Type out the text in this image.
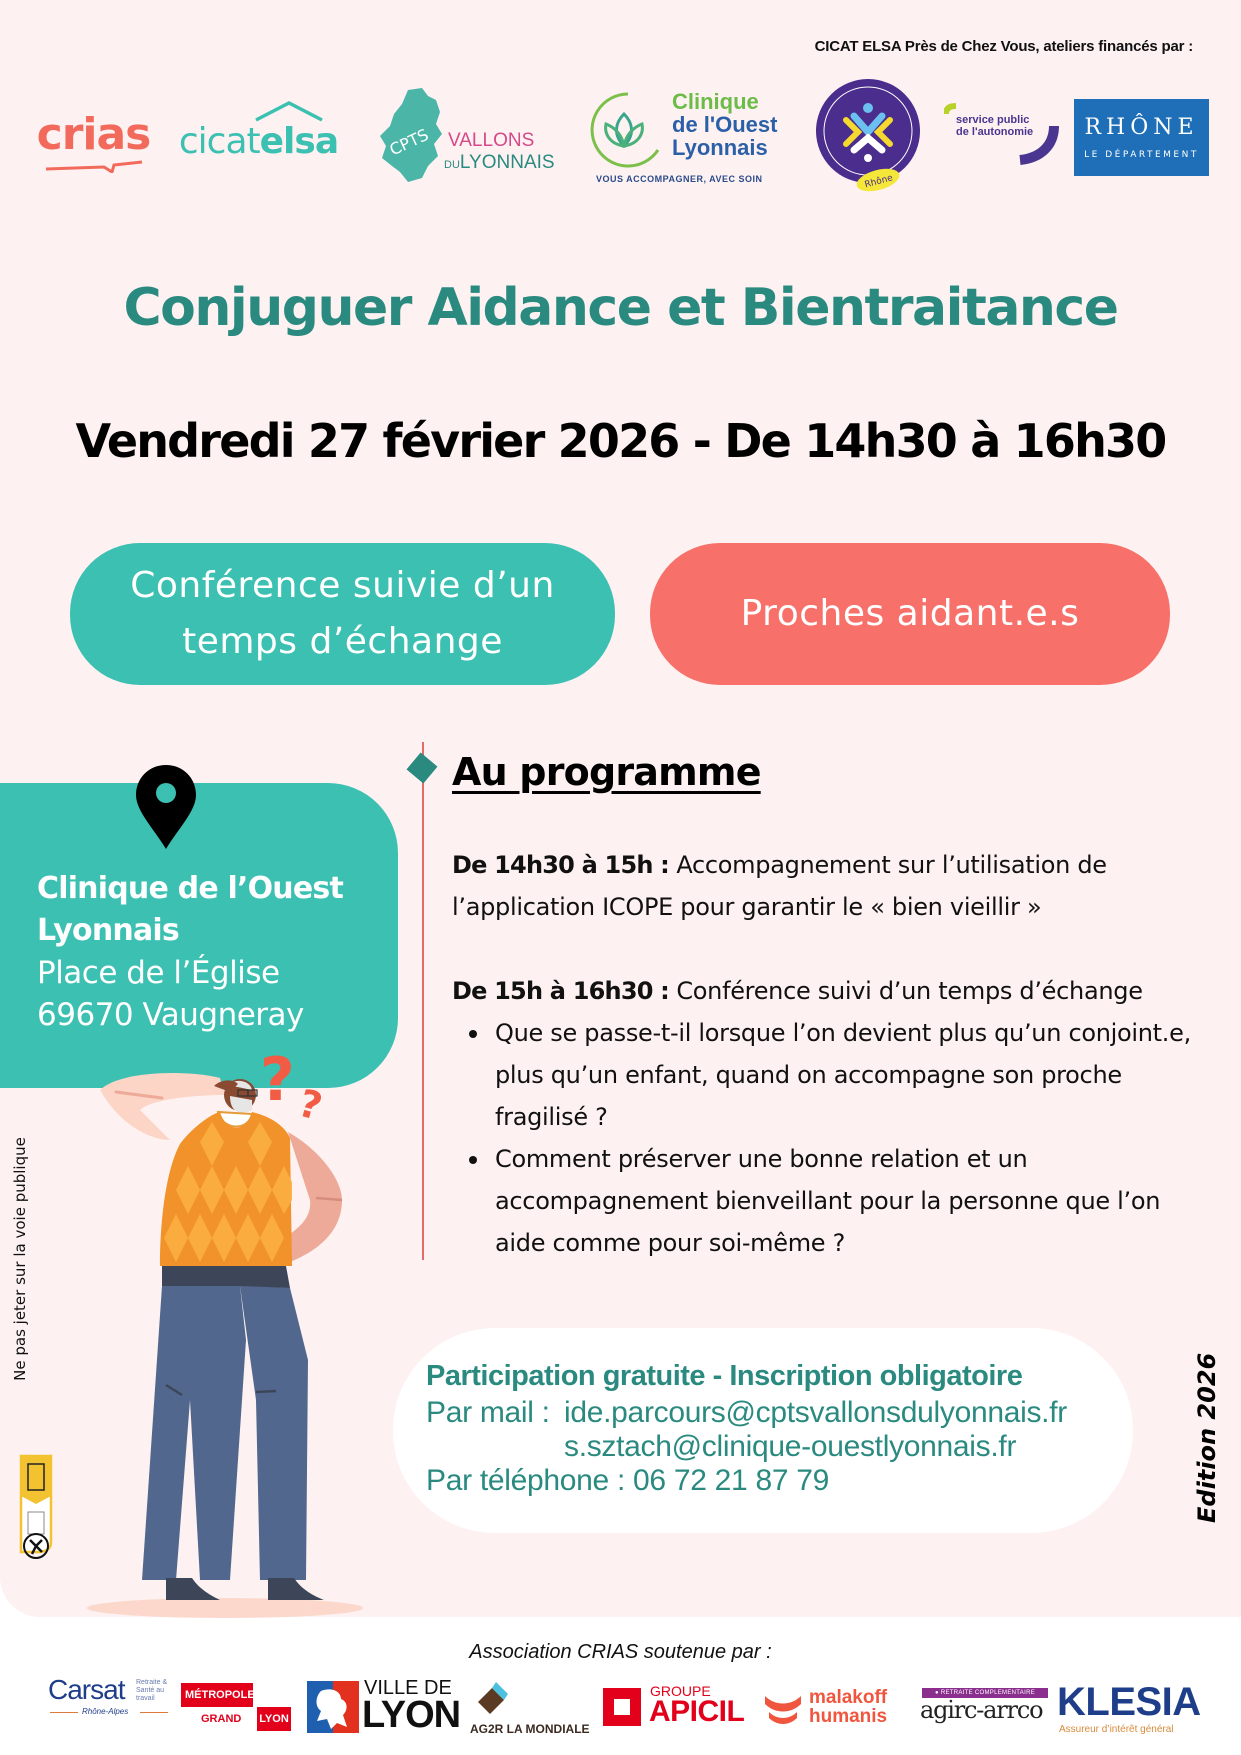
CICAT ELSA Près de Chez Vous, ateliers financés par :
crias cicatelsa	CPTS VALLONS
DULYONNAIS
Clinique
de l'Ouest
Lyonnais
VOUS ACCOMPAGNER, AVEC SOIN	Rhône
service public
de l'autonomie RHÔNE
LE DÉPARTEMENT
Conjuguer Aidance et Bientraitance
Vendredi 27 février 2026 - De 14h30 à 16h30
Conférence suivie d’un
temps d’échange
Proches aidant.e.s
Clinique de l’Ouest
Lyonnais
Place de l’Église
69670 Vaugneray
? ?
Au programme
De 14h30 à 15h : Accompagnement sur l’utilisation de l’application ICOPE pour garantir le « bien vieillir »
De 15h à 16h30 : Conférence suivi d’un temps d’échange
Que se passe-t-il lorsque l’on devient plus qu’un conjoint.e, plus qu’un enfant, quand on accompagne son proche fragilisé ?
Comment préserver une bonne relation et un accompagnement bienveillant pour la personne que l’on aide comme pour soi-même ?
Participation gratuite - Inscription obligatoire
Par mail : ide.parcours@cptsvallonsdulyonnais.fr
s.sztach@clinique-ouestlyonnais.fr
Par téléphone : 06 72 21 87 79	Edition 2026
Ne pas jeter sur la voie publique
Association CRIAS soutenue par :
Carsat Retraite & Santé au travail
Rhône-Alpes
MÉTROPOLE
GRAND LYON
VILLE DE
LYON AG2R LA MONDIALE
GROUPE
APICIL	malakoff
humanis
● RETRAITE COMPLEMENTAIRE
agirc-arrco KLESIA
Assureur d’intérêt général
